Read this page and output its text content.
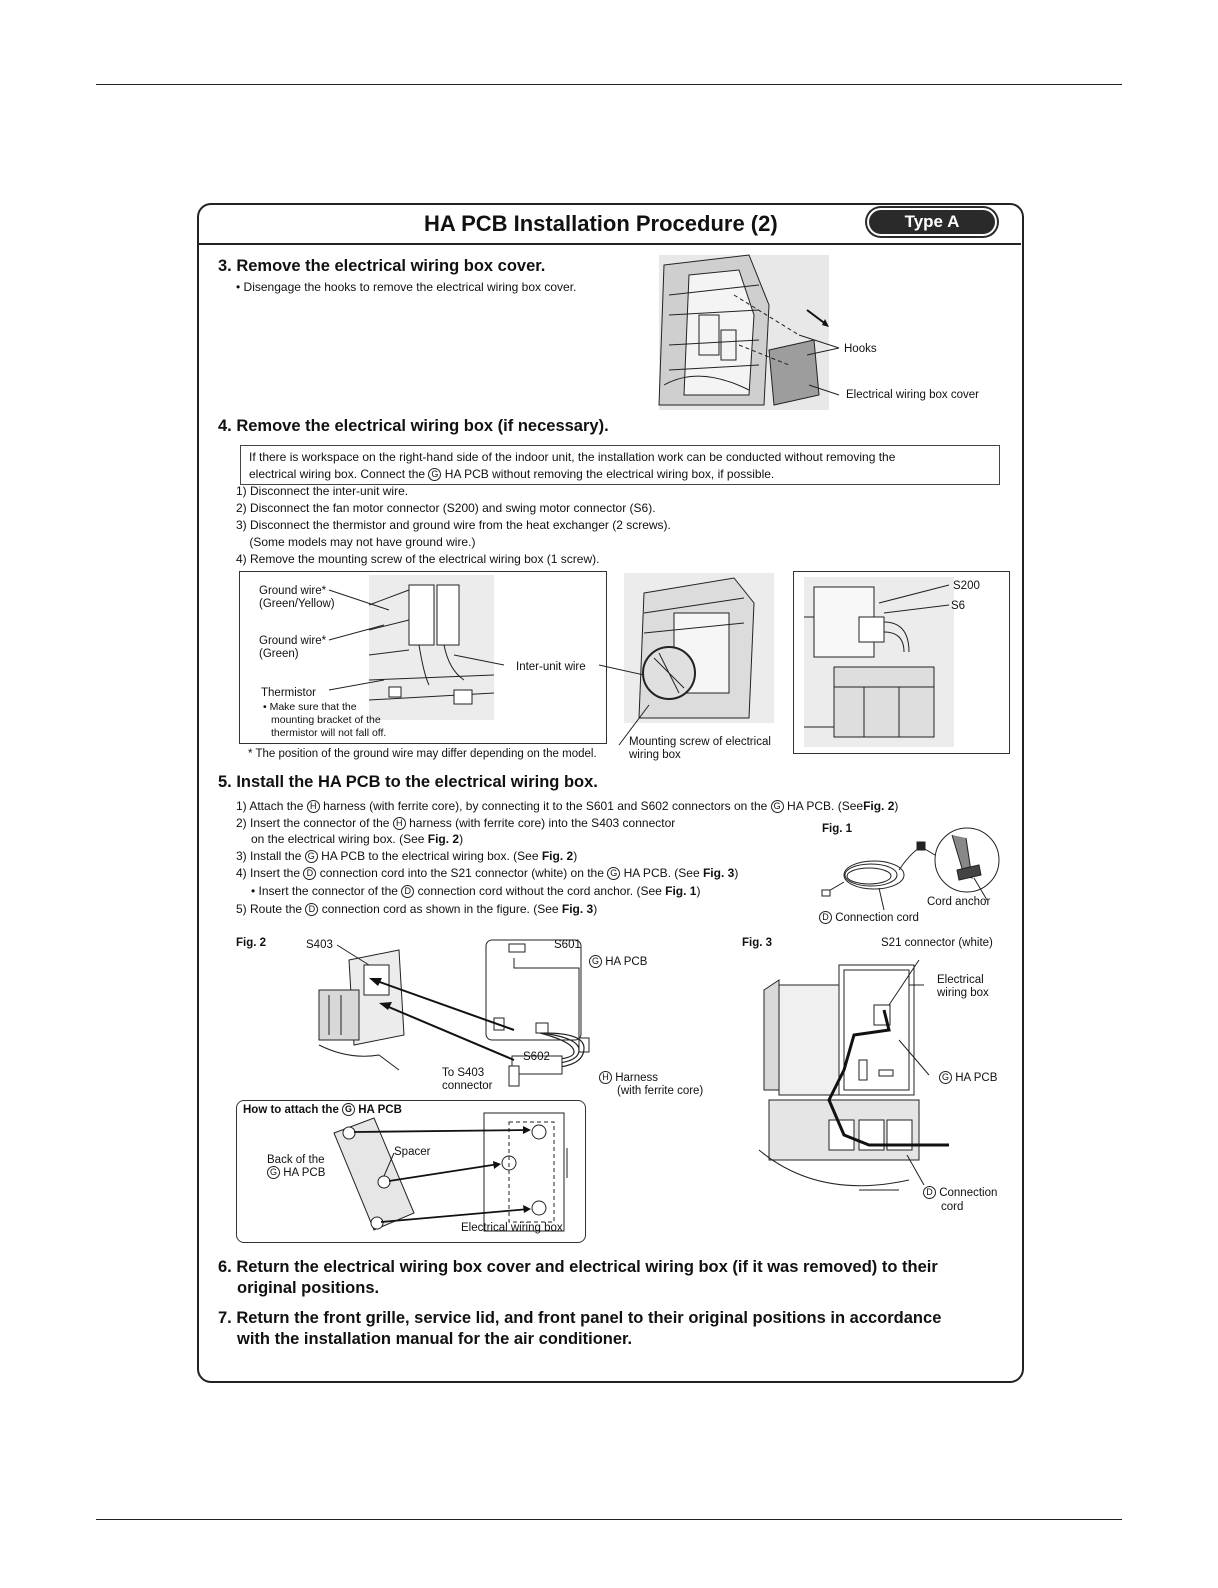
HA PCB Installation Procedure (2)	Type A
3. Remove the electrical wiring box cover.
• Disengage the hooks to remove the electrical wiring box cover.
Hooks
Electrical wiring box cover
4. Remove the electrical wiring box (if necessary).
If there is workspace on the right-hand side of the indoor unit, the installation work can be conducted without removing the
electrical wiring box. Connect the G HA PCB without removing the electrical wiring box, if possible.
1) Disconnect the inter-unit wire.
2) Disconnect the fan motor connector (S200) and swing motor connector (S6).
3) Disconnect the thermistor and ground wire from the heat exchanger (2 screws).
(Some models may not have ground wire.)
4) Remove the mounting screw of the electrical wiring box (1 screw).
Ground wire*
(Green/Yellow)
Ground wire*
(Green)
Inter-unit wire
Thermistor
• Make sure that the
mounting bracket of the
thermistor will not fall off.
* The position of the ground wire may differ depending on the model.
Mounting screw of electrical
wiring box
S200
S6
5. Install the HA PCB to the electrical wiring box.
1) Attach the H harness (with ferrite core), by connecting it to the S601 and S602 connectors on the G HA PCB. (SeeFig. 2)
2) Insert the connector of the H harness (with ferrite core) into the S403 connector
on the electrical wiring box. (See Fig. 2)
3) Install the G HA PCB to the electrical wiring box. (See Fig. 2)
4) Insert the D connection cord into the S21 connector (white) on the G HA PCB. (See Fig. 3)
• Insert the connector of the D connection cord without the cord anchor. (See Fig. 1)
5) Route the D connection cord as shown in the figure. (See Fig. 3)
Fig. 1
Cord anchor
D Connection cord
Fig. 2	S403	S601
G HA PCB
S602
To S403
connector
H Harness
(with ferrite core)
How to attach the G HA PCB
Back of the
G HA PCB
Spacer
Electrical wiring box
Fig. 3	S21 connector (white)
Electrical
wiring box
G HA PCB
D Connection
cord
6. Return the electrical wiring box cover and electrical wiring box (if it was removed) to their
original positions.
7. Return the front grille, service lid, and front panel to their original positions in accordance
with the installation manual for the air conditioner.
